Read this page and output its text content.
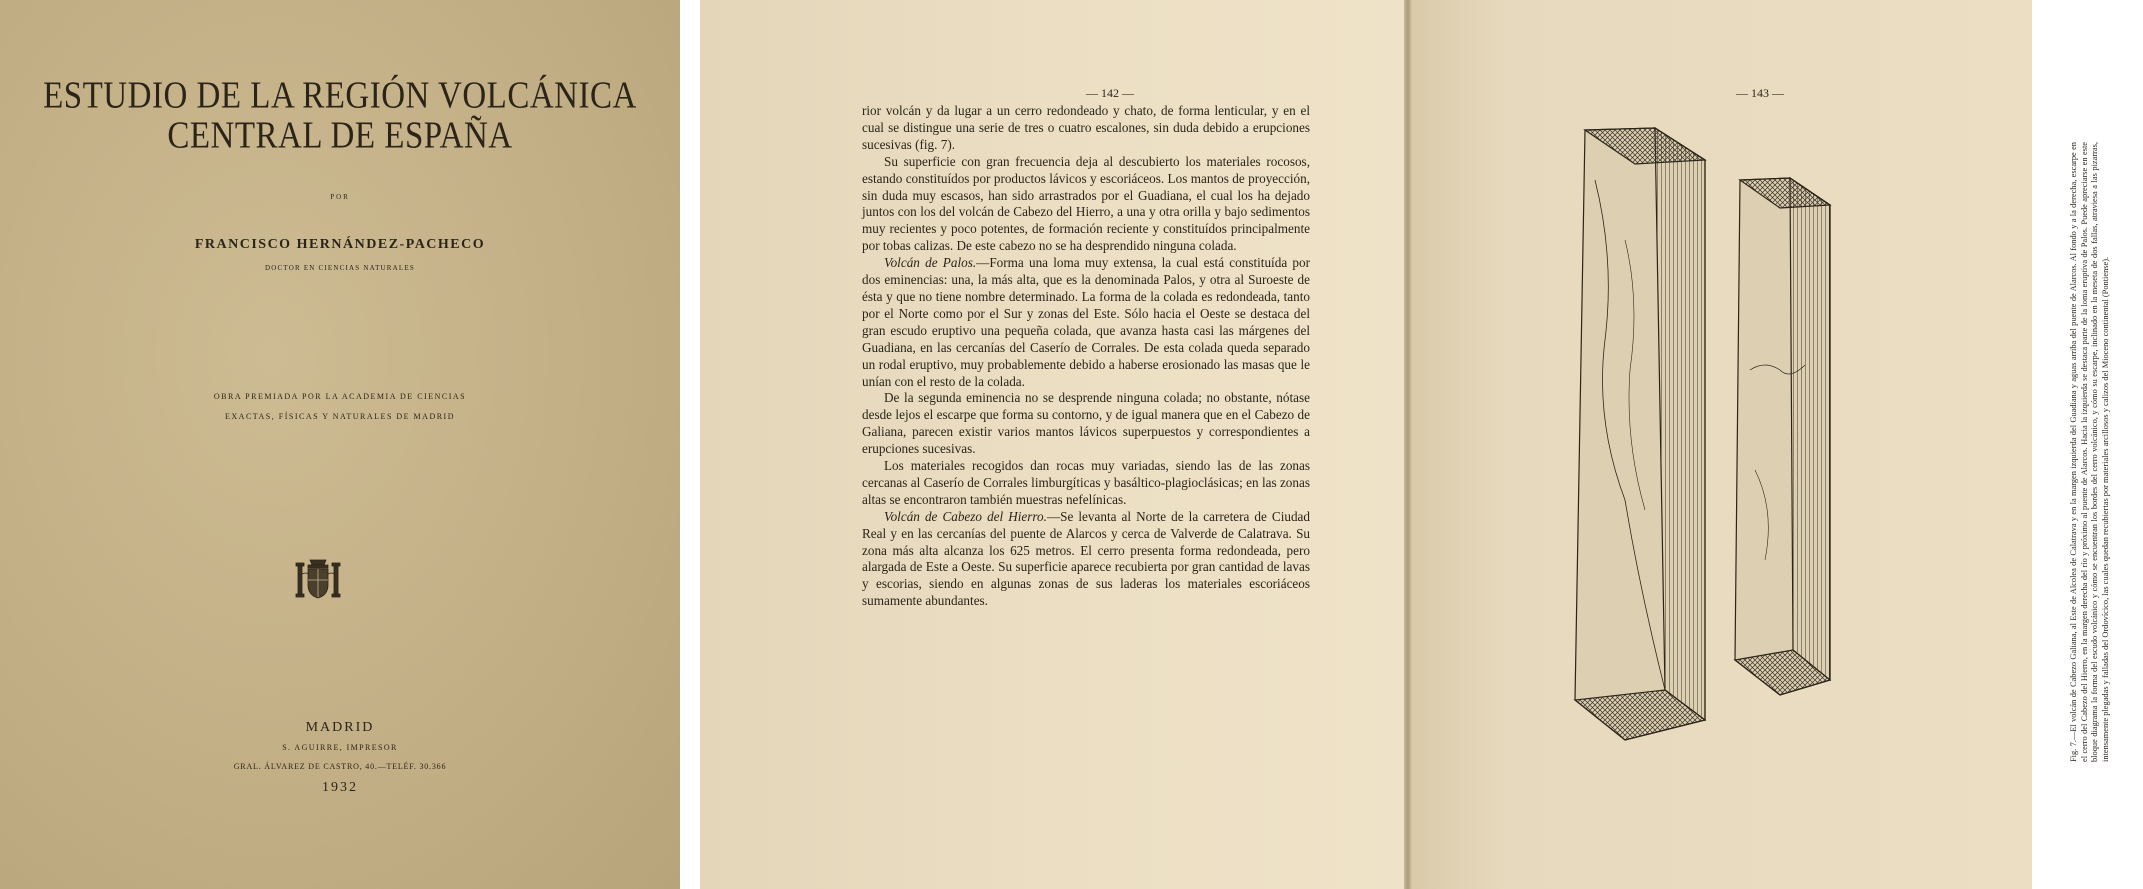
ESTUDIO DE LA REGIÓN VOLCÁNICA
CENTRAL DE ESPAÑA
POR
FRANCISCO HERNÁNDEZ-PACHECO
DOCTOR EN CIENCIAS NATURALES
OBRA PREMIADA POR LA ACADEMIA DE CIENCIAS
EXACTAS, FÍSICAS Y NATURALES DE MADRID
MADRID
S. AGUIRRE, IMPRESOR
GRAL. ÁLVAREZ DE CASTRO, 40.—TELÉF. 30.366
1932
— 142 —

rior volcán y da lugar a un cerro redondeado y chato, de forma lenticular, y en el cual se distingue una serie de tres o cuatro escalones, sin duda debido a erupciones sucesivas (fig. 7).

Su superficie con gran frecuencia deja al descubierto los materiales rocosos, estando constituídos por productos lávicos y escoriáceos. Los mantos de proyección, sin duda muy escasos, han sido arrastrados por el Guadiana, el cual los ha dejado juntos con los del volcán de Cabezo del Hierro, a una y otra orilla y bajo sedimentos muy recientes y poco potentes, de formación reciente y constituídos principalmente por tobas calizas. De este cabezo no se ha desprendido ninguna colada.

Volcán de Palos.—Forma una loma muy extensa, la cual está constituída por dos eminencias: una, la más alta, que es la denominada Palos, y otra al Suroeste de ésta y que no tiene nombre determinado. La forma de la colada es redondeada, tanto por el Norte como por el Sur y zonas del Este. Sólo hacia el Oeste se destaca del gran escudo eruptivo una pequeña colada, que avanza hasta casi las márgenes del Guadiana, en las cercanías del Caserío de Corrales. De esta colada queda separado un rodal eruptivo, muy probablemente debido a haberse erosionado las masas que le unían con el resto de la colada.

De la segunda eminencia no se desprende ninguna colada; no obstante, nótase desde lejos el escarpe que forma su contorno, y de igual manera que en el Cabezo de Galiana, parecen existir varios mantos lávicos superpuestos y correspondientes a erupciones sucesivas.

Los materiales recogidos dan rocas muy variadas, siendo las de las zonas cercanas al Caserío de Corrales limburgíticas y basáltico-plagioclásicas; en las zonas altas se encontraron también muestras nefelínicas.

Volcán de Cabezo del Hierro.—Se levanta al Norte de la carretera de Ciudad Real y en las cercanías del puente de Alarcos y cerca de Valverde de Calatrava. Su zona más alta alcanza los 625 metros. El cerro presenta forma redondeada, pero alargada de Este a Oeste. Su superficie aparece recubierta por gran cantidad de lavas y escorias, siendo en algunas zonas de sus laderas los materiales escoriáceos sumamente abundantes.

— 143 —
Fig. 7.—El volcán de Cabezo Galiana, al Este de Alcolea de Calatrava y en la margen izquierda del Guadiana y aguas arriba del puente de Alarcos. Al fondo y a la derecha, escarpe en el cerro del Cabezo del Hierro, en la margen derecha del río y próximo al puente de Alarcos. Hacia la izquierda se destaca parte de la loma eruptiva de Palos. Puede apreciarse en este bloque diagrama la forma del escudo volcánico y cómo se encuentran los bordes del cerro volcánico, y cómo su escarpe, inclinado en la meseta de dos fallas, atraviesa a las pizarras, intensamente plegadas y falladas del Ordovícico, las cuales quedan recubiertas por materiales arcillosos y calizos del Mioceno continental (Pontiense).
